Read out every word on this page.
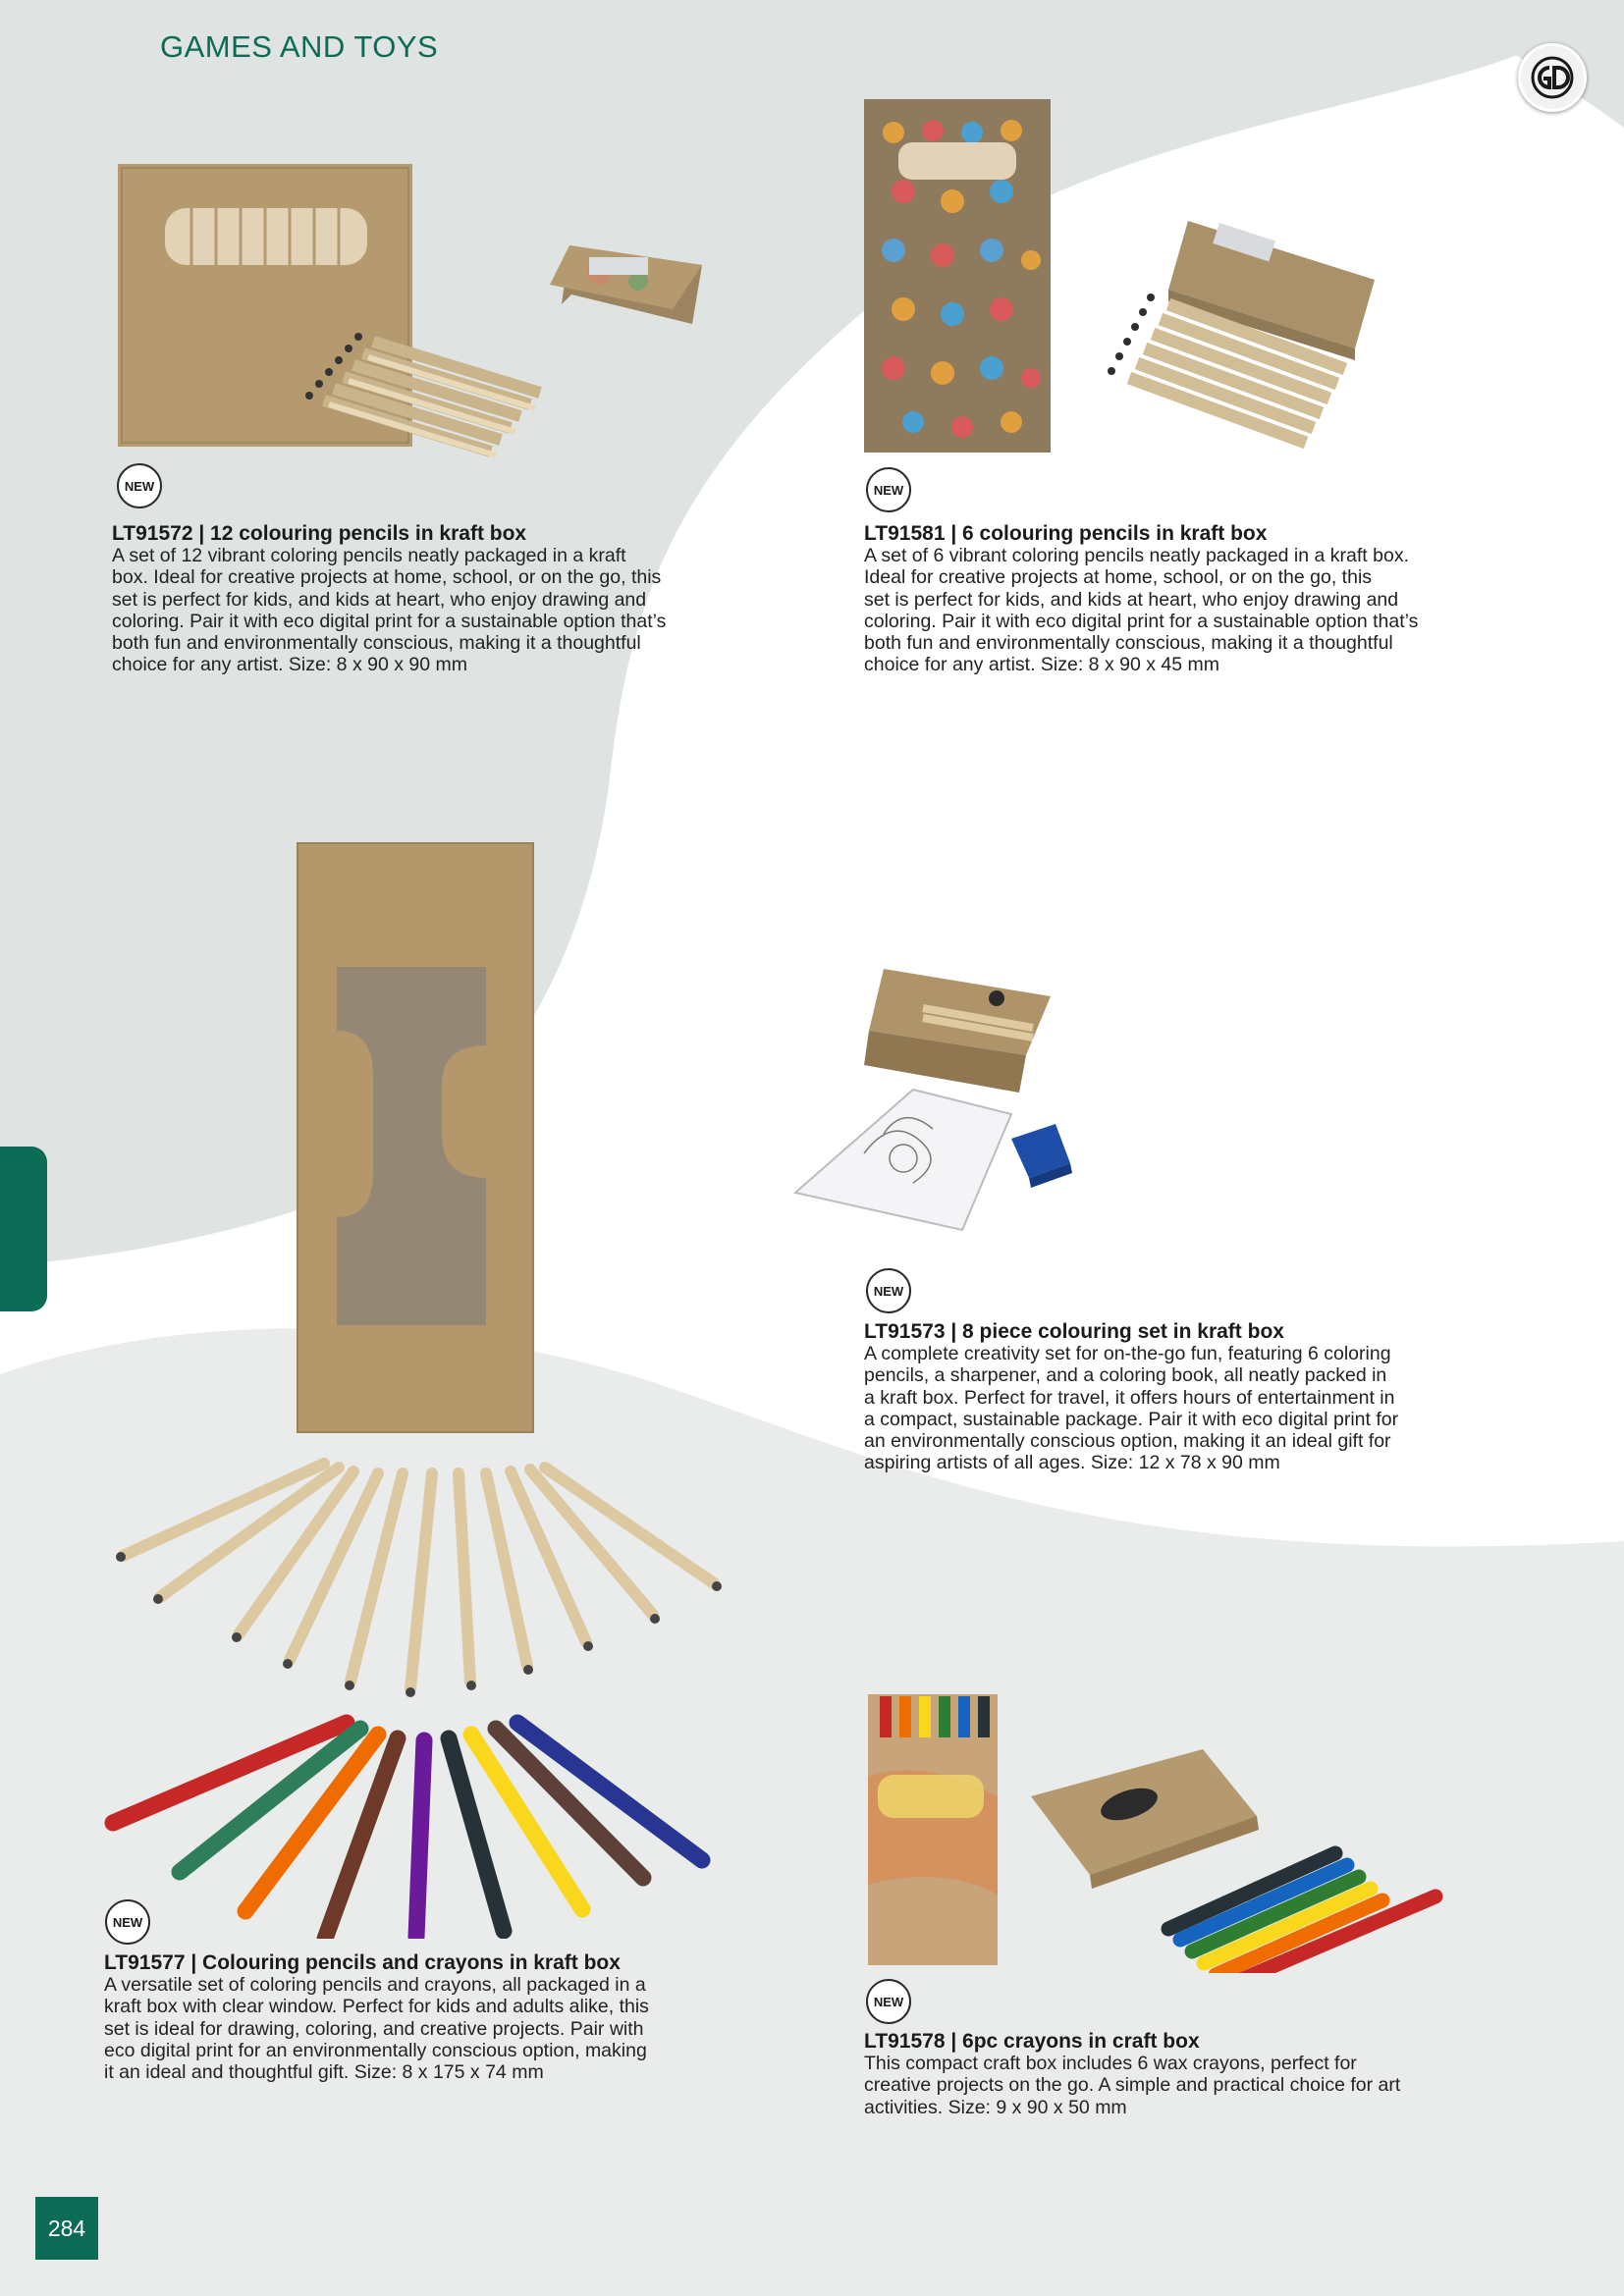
GAMES AND TOYS
NEW	NEW
NEW
NEW
NEW
LT91572 | 12 colouring pencils in kraft box
A set of 12 vibrant coloring pencils neatly packaged in a kraft
box. Ideal for creative projects at home, school, or on the go, this
set is perfect for kids, and kids at heart, who enjoy drawing and
coloring. Pair it with eco digital print for a sustainable option that’s
both fun and environmentally conscious, making it a thoughtful
choice for any artist. Size: 8 x 90 x 90 mm
LT91581 | 6 colouring pencils in kraft box
A set of 6 vibrant coloring pencils neatly packaged in a kraft box.
Ideal for creative projects at home, school, or on the go, this
set is perfect for kids, and kids at heart, who enjoy drawing and
coloring. Pair it with eco digital print for a sustainable option that’s
both fun and environmentally conscious, making it a thoughtful
choice for any artist. Size: 8 x 90 x 45 mm
LT91573 | 8 piece colouring set in kraft box
A complete creativity set for on-the-go fun, featuring 6 coloring
pencils, a sharpener, and a coloring book, all neatly packed in
a kraft box. Perfect for travel, it offers hours of entertainment in
a compact, sustainable package. Pair it with eco digital print for
an environmentally conscious option, making it an ideal gift for
aspiring artists of all ages. Size: 12 x 78 x 90 mm
LT91577 | Colouring pencils and crayons in kraft box
A versatile set of coloring pencils and crayons, all packaged in a
kraft box with clear window. Perfect for kids and adults alike, this
set is ideal for drawing, coloring, and creative projects. Pair with
eco digital print for an environmentally conscious option, making
it an ideal and thoughtful gift. Size: 8 x 175 x 74 mm
LT91578 | 6pc crayons in craft box
This compact craft box includes 6 wax crayons, perfect for
creative projects on the go. A simple and practical choice for art
activities. Size: 9 x 90 x 50 mm
284
